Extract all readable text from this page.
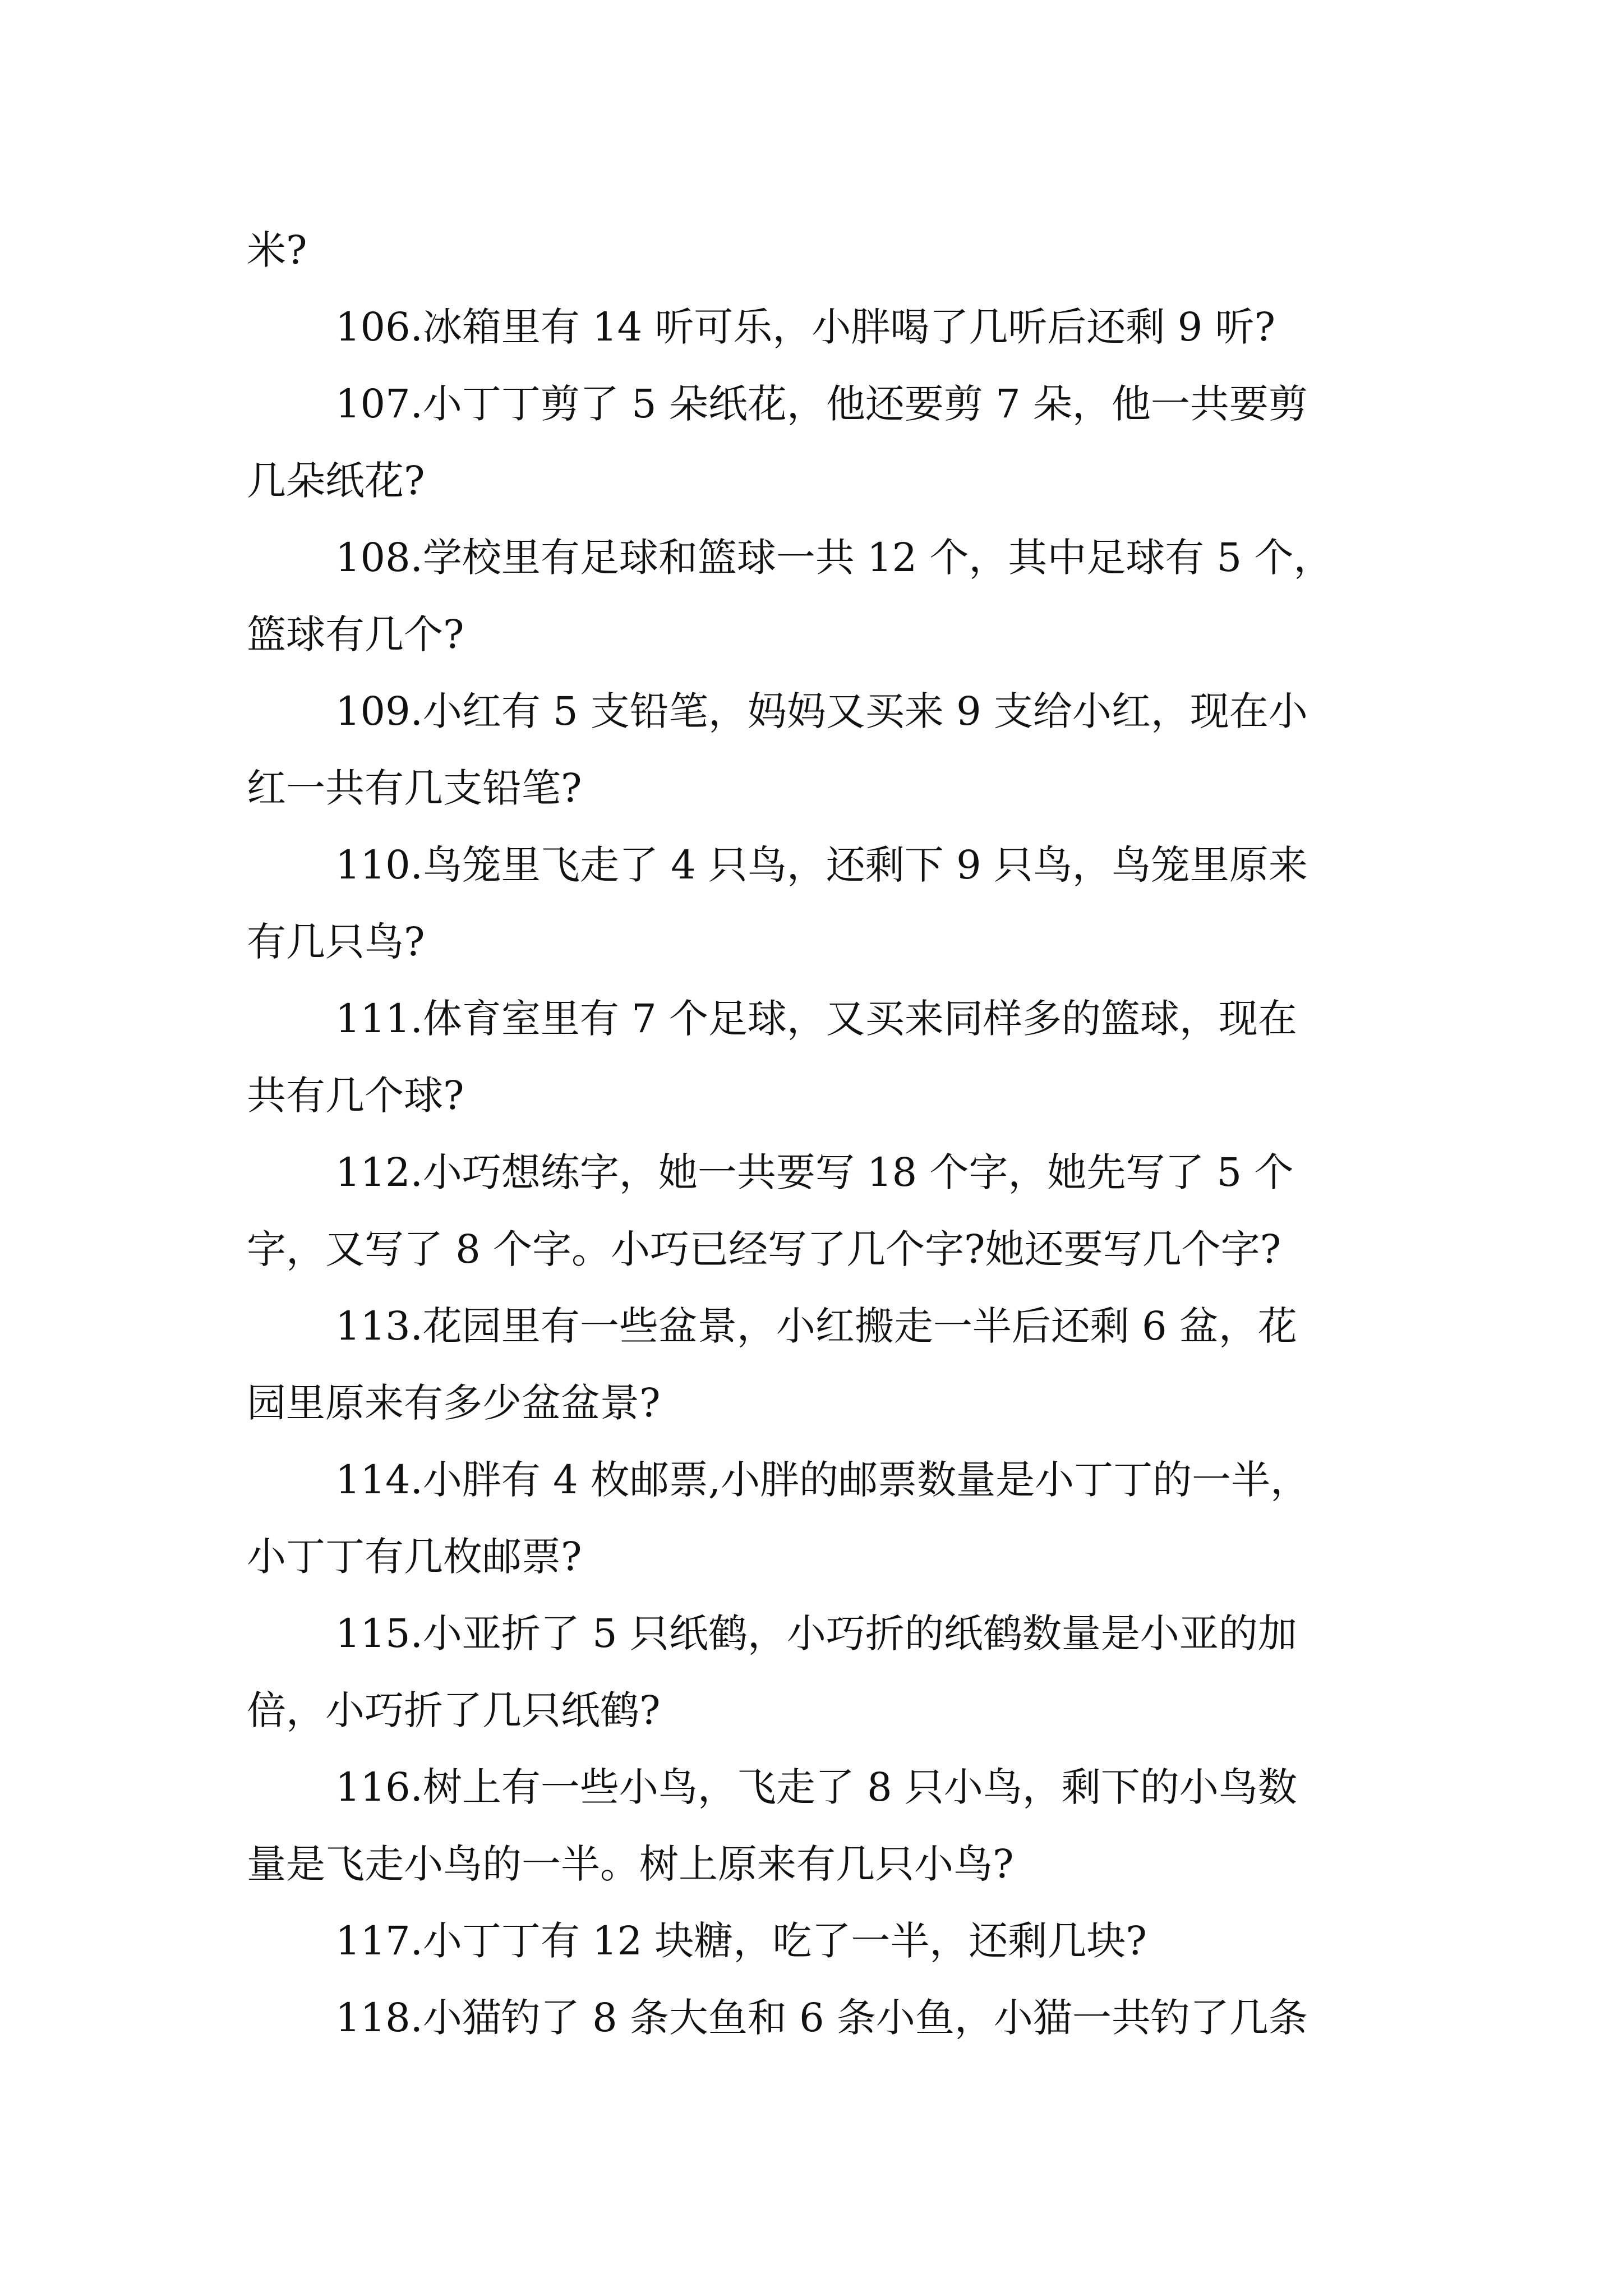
米?
106.冰箱里有 14 听可乐，小胖喝了几听后还剩 9 听?
107.小丁丁剪了 5 朵纸花，他还要剪 7 朵，他一共要剪
几朵纸花?
108.学校里有足球和篮球一共 12 个，其中足球有 5 个，
篮球有几个?
109.小红有 5 支铅笔，妈妈又买来 9 支给小红，现在小
红一共有几支铅笔?
110.鸟笼里飞走了 4 只鸟，还剩下 9 只鸟，鸟笼里原来
有几只鸟?
111.体育室里有 7 个足球，又买来同样多的篮球，现在
共有几个球?
112.小巧想练字，她一共要写 18 个字，她先写了 5 个
字，又写了 8 个字。小巧已经写了几个字?她还要写几个字?
113.花园里有一些盆景，小红搬走一半后还剩 6 盆，花
园里原来有多少盆盆景?
114.小胖有 4 枚邮票,小胖的邮票数量是小丁丁的一半，
小丁丁有几枚邮票?
115.小亚折了 5 只纸鹤，小巧折的纸鹤数量是小亚的加
倍，小巧折了几只纸鹤?
116.树上有一些小鸟，飞走了 8 只小鸟，剩下的小鸟数
量是飞走小鸟的一半。树上原来有几只小鸟?
117.小丁丁有 12 块糖，吃了一半，还剩几块?
118.小猫钓了 8 条大鱼和 6 条小鱼，小猫一共钓了几条
